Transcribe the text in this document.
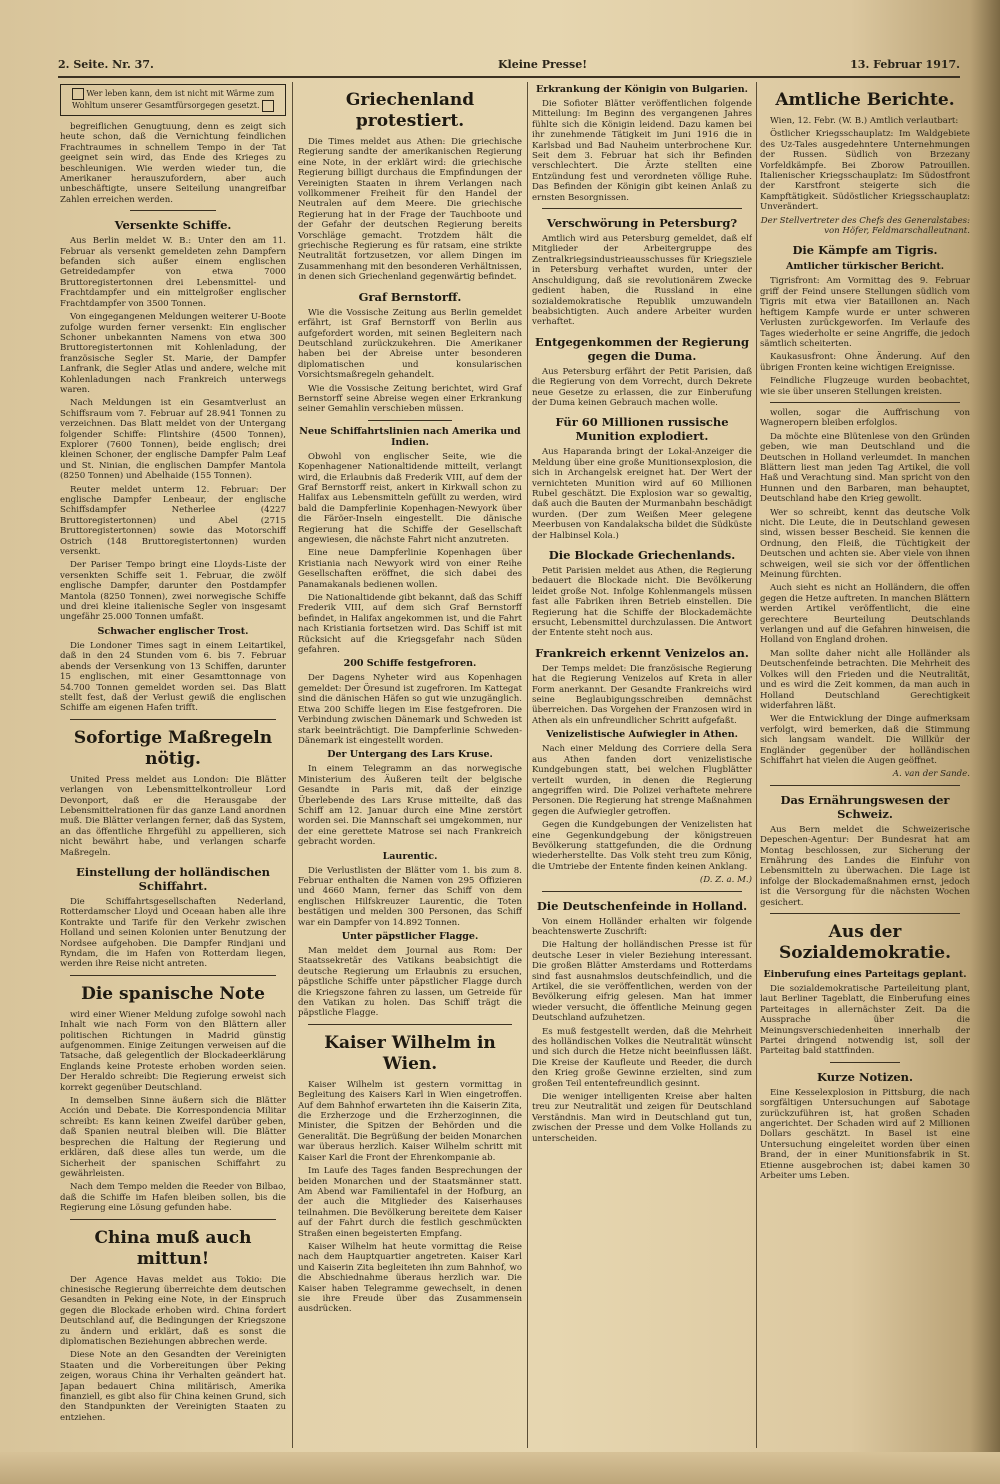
2. Seite. Nr. 37.	Kleine Presse!	13. Februar 1917.
Wer leben kann, dem ist nicht mit Wärme zum Wohltum unserer Gesamtfürsorgegen gesetzt.

begreiflichen Genugtuung, denn es zeigt sich heute schon, daß die Vernichtung feindlichen Frachtraumes in schnellem Tempo in der Tat geeignet sein wird, das Ende des Krieges zu beschleunigen. Wie werden wieder tun, die Amerikaner herauszufordern, aber auch unbeschäftigte, unsere Seiteilung unangreifbar Zahlen erreichen werden.

Versenkte Schiffe.

Aus Berlin meldet W. B.: Unter den am 11. Februar als versenkt gemeldeten zehn Dampfern befanden sich außer einem englischen Getreidedampfer von etwa 7000 Bruttoregistertonnen drei Lebensmittel- und Frachtdampfer und ein mittelgroßer englischer Frachtdampfer von 3500 Tonnen.

Von eingegangenen Meldungen weiterer U-Boote zufolge wurden ferner versenkt: Ein englischer Schoner unbekannten Namens von etwa 300 Bruttoregistertonnen mit Kohlenladung, der französische Segler St. Marie, der Dampfer Lanfrank, die Segler Atlas und andere, welche mit Kohlenladungen nach Frankreich unterwegs waren.

Nach Meldungen ist ein Gesamtverlust an Schiffsraum vom 7. Februar auf 28.941 Tonnen zu verzeichnen. Das Blatt meldet von der Untergang folgender Schiffe: Flintshire (4500 Tonnen), Explorer (7600 Tonnen), beide englisch; drei kleinen Schoner, der englische Dampfer Palm Leaf und St. Ninian, die englischen Dampfer Mantola (8250 Tonnen) und Abelhaide (155 Tonnen).

Reuter meldet unterm 12. Februar: Der englische Dampfer Lenbeaur, der englische Schiffsdampfer Netherlee (4227 Bruttoregistertonnen) und Abel (2715 Bruttoregistertonnen) sowie das Motorschiff Ostrich (148 Bruttoregistertonnen) wurden versenkt.

Der Pariser Tempo bringt eine Lloyds-Liste der versenkten Schiffe seit 1. Februar, die zwölf englische Dampfer, darunter den Postdampfer Mantola (8250 Tonnen), zwei norwegische Schiffe und drei kleine italienische Segler von insgesamt ungefähr 25.000 Tonnen umfaßt.

Schwacher englischer Trost.

Die Londoner Times sagt in einem Leitartikel, daß in den 24 Stunden vom 6. bis 7. Februar abends der Versenkung von 13 Schiffen, darunter 15 englischen, mit einer Gesamttonnage von 54.700 Tonnen gemeldet worden sei. Das Blatt stellt fest, daß der Verlust gewiß die englischen Schiffe am eigenen Hafen trifft.

Sofortige Maßregeln nötig.

United Press meldet aus London: Die Blätter verlangen von Lebensmittelkontrolleur Lord Devonport, daß er die Herausgabe der Lebensmittelrationen für das ganze Land anordnen muß. Die Blätter verlangen ferner, daß das System, an das öffentliche Ehrgefühl zu appellieren, sich nicht bewährt habe, und verlangen scharfe Maßregeln.

Einstellung der holländischen Schiffahrt.

Die Schiffahrtsgesellschaften Nederland, Rotterdamscher Lloyd und Oceaan haben alle ihre Kontrakte und Tarife für den Verkehr zwischen Holland und seinen Kolonien unter Benutzung der Nordsee aufgehoben. Die Dampfer Rindjani und Ryndam, die im Hafen von Rotterdam liegen, werden ihre Reise nicht antreten.

Die spanische Note

wird einer Wiener Meldung zufolge sowohl nach Inhalt wie nach Form von den Blättern aller politischen Richtungen in Madrid günstig aufgenommen. Einige Zeitungen verweisen auf die Tatsache, daß gelegentlich der Blockadeerklärung Englands keine Proteste erhoben worden seien. Der Heraldo schreibt: Die Regierung erweist sich korrekt gegenüber Deutschland.

In demselben Sinne äußern sich die Blätter Acción und Debate. Die Korrespondencia Militar schreibt: Es kann keinen Zweifel darüber geben, daß Spanien neutral bleiben will. Die Blätter besprechen die Haltung der Regierung und erklären, daß diese alles tun werde, um die Sicherheit der spanischen Schiffahrt zu gewährleisten.

Nach dem Tempo melden die Reeder von Bilbao, daß die Schiffe im Hafen bleiben sollen, bis die Regierung eine Lösung gefunden habe.

China muß auch mittun!

Der Agence Havas meldet aus Tokio: Die chinesische Regierung überreichte dem deutschen Gesandten in Peking eine Note, in der Einspruch gegen die Blockade erhoben wird. China fordert Deutschland auf, die Bedingungen der Kriegszone zu ändern und erklärt, daß es sonst die diplomatischen Beziehungen abbrechen werde.

Diese Note an den Gesandten der Vereinigten Staaten und die Vorbereitungen über Peking zeigen, woraus China ihr Verhalten geändert hat. Japan bedauert China militärisch, Amerika finanziell, es gibt also für China keinen Grund, sich den Standpunkten der Vereinigten Staaten zu entziehen.

Griechenland protestiert.

Die Times meldet aus Athen: Die griechische Regierung sandte der amerikanischen Regierung eine Note, in der erklärt wird: die griechische Regierung billigt durchaus die Empfindungen der Vereinigten Staaten in ihrem Verlangen nach vollkommener Freiheit für den Handel der Neutralen auf dem Meere. Die griechische Regierung hat in der Frage der Tauchboote und der Gefahr der deutschen Regierung bereits Vorschläge gemacht. Trotzdem hält die griechische Regierung es für ratsam, eine strikte Neutralität fortzusetzen, vor allem Dingen im Zusammenhang mit den besonderen Verhältnissen, in denen sich Griechenland gegenwärtig befindet.

Graf Bernstorff.

Wie die Vossische Zeitung aus Berlin gemeldet erfährt, ist Graf Bernstorff von Berlin aus aufgefordert worden, mit seinen Begleitern nach Deutschland zurückzukehren. Die Amerikaner haben bei der Abreise unter besonderen diplomatischen und konsularischen Vorsichtsmaßregeln gehandelt.

Wie die Vossische Zeitung berichtet, wird Graf Bernstorff seine Abreise wegen einer Erkrankung seiner Gemahlin verschieben müssen.

Neue Schiffahrtslinien nach Amerika und Indien.

Obwohl von englischer Seite, wie die Kopenhagener Nationaltidende mitteilt, verlangt wird, die Erlaubnis daß Frederik VIII, auf dem der Graf Bernstorff reist, ankert in Kirkwall schon zu Halifax aus Lebensmitteln gefüllt zu werden, wird bald die Dampferlinie Kopenhagen-Newyork über die Färöer-Inseln eingestellt. Die dänische Regierung hat die Schiffe der Gesellschaft angewiesen, die nächste Fahrt nicht anzutreten.

Eine neue Dampferlinie Kopenhagen über Kristiania nach Newyork wird von einer Reihe Gesellschaften eröffnet, die sich dabei des Panamakanals bedienen wollen.

Die Nationaltidende gibt bekannt, daß das Schiff Frederik VIII, auf dem sich Graf Bernstorff befindet, in Halifax angekommen ist, und die Fahrt nach Kristiania fortsetzen wird. Das Schiff ist mit Rücksicht auf die Kriegsgefahr nach Süden gefahren.

200 Schiffe festgefroren.

Der Dagens Nyheter wird aus Kopenhagen gemeldet: Der Öresund ist zugefroren. Im Kattegat sind die dänischen Häfen so gut wie unzugänglich. Etwa 200 Schiffe liegen im Eise festgefroren. Die Verbindung zwischen Dänemark und Schweden ist stark beeinträchtigt. Die Dampferlinie Schweden-Dänemark ist eingestellt worden.

Der Untergang des Lars Kruse.

In einem Telegramm an das norwegische Ministerium des Äußeren teilt der belgische Gesandte in Paris mit, daß der einzige Überlebende des Lars Kruse mitteilte, daß das Schiff am 12. Januar durch eine Mine zerstört worden sei. Die Mannschaft sei umgekommen, nur der eine gerettete Matrose sei nach Frankreich gebracht worden.

Laurentic.

Die Verlustlisten der Blätter vom 1. bis zum 8. Februar enthalten die Namen von 295 Offizieren und 4660 Mann, ferner das Schiff von dem englischen Hilfskreuzer Laurentic, die Toten bestätigen und melden 300 Personen, das Schiff war ein Dampfer von 14.892 Tonnen.

Unter päpstlicher Flagge.

Man meldet dem Journal aus Rom: Der Staatssekretär des Vatikans beabsichtigt die deutsche Regierung um Erlaubnis zu ersuchen, päpstliche Schiffe unter päpstlicher Flagge durch die Kriegszone fahren zu lassen, um Getreide für den Vatikan zu holen. Das Schiff trägt die päpstliche Flagge.

Kaiser Wilhelm in Wien.

Kaiser Wilhelm ist gestern vormittag in Begleitung des Kaisers Karl in Wien eingetroffen. Auf dem Bahnhof erwarteten ihn die Kaiserin Zita, die Erzherzoge und die Erzherzoginnen, die Minister, die Spitzen der Behörden und die Generalität. Die Begrüßung der beiden Monarchen war überaus herzlich. Kaiser Wilhelm schritt mit Kaiser Karl die Front der Ehrenkompanie ab.

Im Laufe des Tages fanden Besprechungen der beiden Monarchen und der Staatsmänner statt. Am Abend war Familientafel in der Hofburg, an der auch die Mitglieder des Kaiserhauses teilnahmen. Die Bevölkerung bereitete dem Kaiser auf der Fahrt durch die festlich geschmückten Straßen einen begeisterten Empfang.

Kaiser Wilhelm hat heute vormittag die Reise nach dem Hauptquartier angetreten. Kaiser Karl und Kaiserin Zita begleiteten ihn zum Bahnhof, wo die Abschiednahme überaus herzlich war. Die Kaiser haben Telegramme gewechselt, in denen sie ihre Freude über das Zusammensein ausdrücken.

Erkrankung der Königin von Bulgarien.

Die Sofioter Blätter veröffentlichen folgende Mitteilung: Im Beginn des vergangenen Jahres fühlte sich die Königin leidend. Dazu kamen bei ihr zunehmende Tätigkeit im Juni 1916 die in Karlsbad und Bad Nauheim unterbrochene Kur. Seit dem 3. Februar hat sich ihr Befinden verschlechtert. Die Ärzte stellten eine Entzündung fest und verordneten völlige Ruhe. Das Befinden der Königin gibt keinen Anlaß zu ernsten Besorgnissen.

Verschwörung in Petersburg?

Amtlich wird aus Petersburg gemeldet, daß elf Mitglieder der Arbeitergruppe des Zentralkriegsindustrieausschusses für Kriegsziele in Petersburg verhaftet wurden, unter der Anschuldigung, daß sie revolutionärem Zwecke gedient haben, die Russland in eine sozialdemokratische Republik umzuwandeln beabsichtigten. Auch andere Arbeiter wurden verhaftet.

Entgegenkommen der Regierung gegen die Duma.

Aus Petersburg erfährt der Petit Parisien, daß die Regierung von dem Vorrecht, durch Dekrete neue Gesetze zu erlassen, die zur Einberufung der Duma keinen Gebrauch machen wolle.

Für 60 Millionen russische Munition explodiert.

Aus Haparanda bringt der Lokal-Anzeiger die Meldung über eine große Munitionsexplosion, die sich in Archangelsk ereignet hat. Der Wert der vernichteten Munition wird auf 60 Millionen Rubel geschätzt. Die Explosion war so gewaltig, daß auch die Bauten der Murmanbahn beschädigt wurden. (Der zum Weißen Meer gelegene Meerbusen von Kandalakscha bildet die Südküste der Halbinsel Kola.)

Die Blockade Griechenlands.

Petit Parisien meldet aus Athen, die Regierung bedauert die Blockade nicht. Die Bevölkerung leidet große Not. Infolge Kohlenmangels müssen fast alle Fabriken ihren Betrieb einstellen. Die Regierung hat die Schiffe der Blockademächte ersucht, Lebensmittel durchzulassen. Die Antwort der Entente steht noch aus.

Frankreich erkennt Venizelos an.

Der Temps meldet: Die französische Regierung hat die Regierung Venizelos auf Kreta in aller Form anerkannt. Der Gesandte Frankreichs wird seine Beglaubigungsschreiben demnächst überreichen. Das Vorgehen der Franzosen wird in Athen als ein unfreundlicher Schritt aufgefaßt.

Venizelistische Aufwiegler in Athen.

Nach einer Meldung des Corriere della Sera aus Athen fanden dort venizelistische Kundgebungen statt, bei welchen Flugblätter verteilt wurden, in denen die Regierung angegriffen wird. Die Polizei verhaftete mehrere Personen. Die Regierung hat strenge Maßnahmen gegen die Aufwiegler getroffen.

Gegen die Kundgebungen der Venizelisten hat eine Gegenkundgebung der königstreuen Bevölkerung stattgefunden, die die Ordnung wiederherstellte. Das Volk steht treu zum König, die Umtriebe der Entente finden keinen Anklang.

(D. Z. a. M.)
Die Deutschenfeinde in Holland.

Von einem Holländer erhalten wir folgende beachtenswerte Zuschrift:

Die Haltung der holländischen Presse ist für deutsche Leser in vieler Beziehung interessant. Die großen Blätter Amsterdams und Rotterdams sind fast ausnahmslos deutschfeindlich, und die Artikel, die sie veröffentlichen, werden von der Bevölkerung eifrig gelesen. Man hat immer wieder versucht, die öffentliche Meinung gegen Deutschland aufzuhetzen.

Es muß festgestellt werden, daß die Mehrheit des holländischen Volkes die Neutralität wünscht und sich durch die Hetze nicht beeinflussen läßt. Die Kreise der Kaufleute und Reeder, die durch den Krieg große Gewinne erzielten, sind zum großen Teil ententefreundlich gesinnt.

Die weniger intelligenten Kreise aber halten treu zur Neutralität und zeigen für Deutschland Verständnis. Man wird in Deutschland gut tun, zwischen der Presse und dem Volke Hollands zu unterscheiden.

Amtliche Berichte.

Wien, 12. Febr. (W. B.) Amtlich verlautbart:

Östlicher Kriegsschauplatz: Im Waldgebiete des Uz-Tales ausgedehntere Unternehmungen der Russen. Südlich von Brzezany Vorfeldkämpfe. Bei Zborow Patrouillen. Italienischer Kriegsschauplatz: Im Südostfront der Karstfront steigerte sich die Kampftätigkeit. Südöstlicher Kriegsschauplatz: Unverändert.

Der Stellvertreter des Chefs des Generalstabes: von Höfer, Feldmarschalleutnant.
Die Kämpfe am Tigris.
Amtlicher türkischer Bericht.

Tigrisfront: Am Vormittag des 9. Februar griff der Feind unsere Stellungen südlich vom Tigris mit etwa vier Bataillonen an. Nach heftigem Kampfe wurde er unter schweren Verlusten zurückgeworfen. Im Verlaufe des Tages wiederholte er seine Angriffe, die jedoch sämtlich scheiterten.

Kaukasusfront: Ohne Änderung. Auf den übrigen Fronten keine wichtigen Ereignisse.

Feindliche Flugzeuge wurden beobachtet, wie sie über unseren Stellungen kreisten.

wollen, sogar die Auffrischung von Wagneropern bleiben erfolglos.

Da möchte eine Blütenlese von den Gründen geben, wie man Deutschland und die Deutschen in Holland verleumdet. In manchen Blättern liest man jeden Tag Artikel, die voll Haß und Verachtung sind. Man spricht von den Hunnen und den Barbaren, man behauptet, Deutschland habe den Krieg gewollt.

Wer so schreibt, kennt das deutsche Volk nicht. Die Leute, die in Deutschland gewesen sind, wissen besser Bescheid. Sie kennen die Ordnung, den Fleiß, die Tüchtigkeit der Deutschen und achten sie. Aber viele von ihnen schweigen, weil sie sich vor der öffentlichen Meinung fürchten.

Auch sieht es nicht an Holländern, die offen gegen die Hetze auftreten. In manchen Blättern werden Artikel veröffentlicht, die eine gerechtere Beurteilung Deutschlands verlangen und auf die Gefahren hinweisen, die Holland von England drohen.

Man sollte daher nicht alle Holländer als Deutschenfeinde betrachten. Die Mehrheit des Volkes will den Frieden und die Neutralität, und es wird die Zeit kommen, da man auch in Holland Deutschland Gerechtigkeit widerfahren läßt.

Wer die Entwicklung der Dinge aufmerksam verfolgt, wird bemerken, daß die Stimmung sich langsam wandelt. Die Willkür der Engländer gegenüber der holländischen Schiffahrt hat vielen die Augen geöffnet.

A. van der Sande.
Das Ernährungswesen der Schweiz.

Aus Bern meldet die Schweizerische Depeschen-Agentur: Der Bundesrat hat am Montag beschlossen, zur Sicherung der Ernährung des Landes die Einfuhr von Lebensmitteln zu überwachen. Die Lage ist infolge der Blockademaßnahmen ernst, jedoch ist die Versorgung für die nächsten Wochen gesichert.

Aus der Sozialdemokratie.
Einberufung eines Parteitags geplant.

Die sozialdemokratische Parteileitung plant, laut Berliner Tageblatt, die Einberufung eines Parteitages in allernächster Zeit. Da die Aussprache über die Meinungsverschiedenheiten innerhalb der Partei dringend notwendig ist, soll der Parteitag bald stattfinden.

Kurze Notizen.

Eine Kesselexplosion in Pittsburg, die nach sorgfältigen Untersuchungen auf Sabotage zurückzuführen ist, hat großen Schaden angerichtet. Der Schaden wird auf 2 Millionen Dollars geschätzt. In Basel ist eine Untersuchung eingeleitet worden über einen Brand, der in einer Munitionsfabrik in St. Etienne ausgebrochen ist; dabei kamen 30 Arbeiter ums Leben.
